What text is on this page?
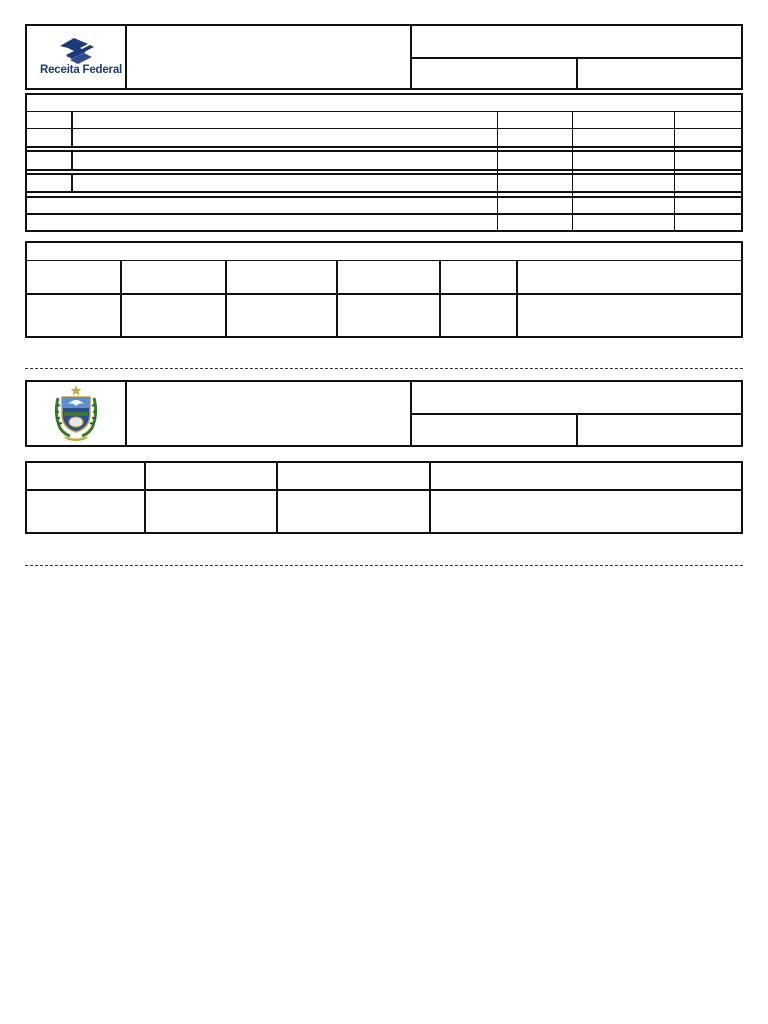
Receita Federal
